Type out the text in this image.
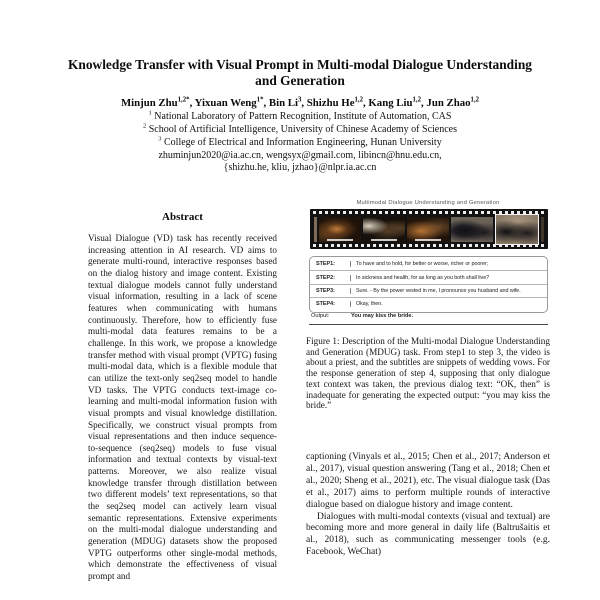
Knowledge Transfer with Visual Prompt in Multi-modal Dialogue Understanding and Generation
Minjun Zhu$^{1,2*}$, Yixuan Weng$^{1*}$, Bin Li$^3$, Shizhu He$^{1,2}$, Kang Liu$^{1,2}$, Jun Zhao$^{1,2}$
$^1$ National Laboratory of Pattern Recognition, Institute of Automation, CAS
$^2$ School of Artificial Intelligence, University of Chinese Academy of Sciences
$^3$ College of Electrical and Information Engineering, Hunan University
zhuminjun2020@ia.ac.cn, wengsyx@gmail.com, libincn@hnu.edu.cn,
{shizhu.he, kliu, jzhao}@nlpr.ia.ac.cn
Abstract
Visual Dialogue (VD) task has recently received increasing attention in AI research. VD aims to generate multi-round, interactive responses based on the dialog history and image content. Existing textual dialogue models cannot fully understand visual information, resulting in a lack of scene features when communicating with humans continuously. Therefore, how to efficiently fuse multi-modal data features remains to be a challenge. In this work, we propose a knowledge transfer method with visual prompt (VPTG) fusing multi-modal data, which is a flexible module that can utilize the text-only seq2seq model to handle VD tasks. The VPTG conducts text-image co-learning and multi-modal information fusion with visual prompts and visual knowledge distillation. Specifically, we construct visual prompts from visual representations and then induce sequence-to-sequence (seq2seq) models to fuse visual information and textual contexts by visual-text patterns. Moreover, we also realize visual knowledge transfer through distillation between two different models’ text representations, so that the seq2seq model can actively learn visual semantic representations. Extensive experiments on the multi-modal dialogue understanding and generation (MDUG) datasets show the proposed VPTG outperforms other single-modal methods, which demonstrate the effectiveness of visual prompt and
Multimodal Dialogue Understanding and Generation
STEP1:	To have and to hold, for better or worse, richer or poorer;
STEP2:	In sickness and health, for as long as you both shall live?
STEP3:	Sure. - By the power vested in me, I pronounce you husband and wife.
STEP4:	Okay, then.
Output:	You may kiss the bride.
Figure 1: Description of the Multi-modal Dialogue Understanding and Generation (MDUG) task. From step1 to step 3, the video is about a priest, and the subtitles are snippets of wedding vows. For the response generation of step 4, supposing that only dialogue text context was taken, the previous dialog text: “OK, then” is inadequate for generating the expected output: “you may kiss the bride.”

captioning (Vinyals et al., 2015; Chen et al., 2017; Anderson et al., 2017), visual question answering (Tang et al., 2018; Chen et al., 2020; Sheng et al., 2021), etc. The visual dialogue task (Das et al., 2017) aims to perform multiple rounds of interactive dialogue based on dialogue history and image content.

Dialogues with multi-modal contexts (visual and textual) are becoming more and more general in daily life (Baltrušaitis et al., 2018), such as communicating messenger tools (e.g. Facebook, WeChat)
